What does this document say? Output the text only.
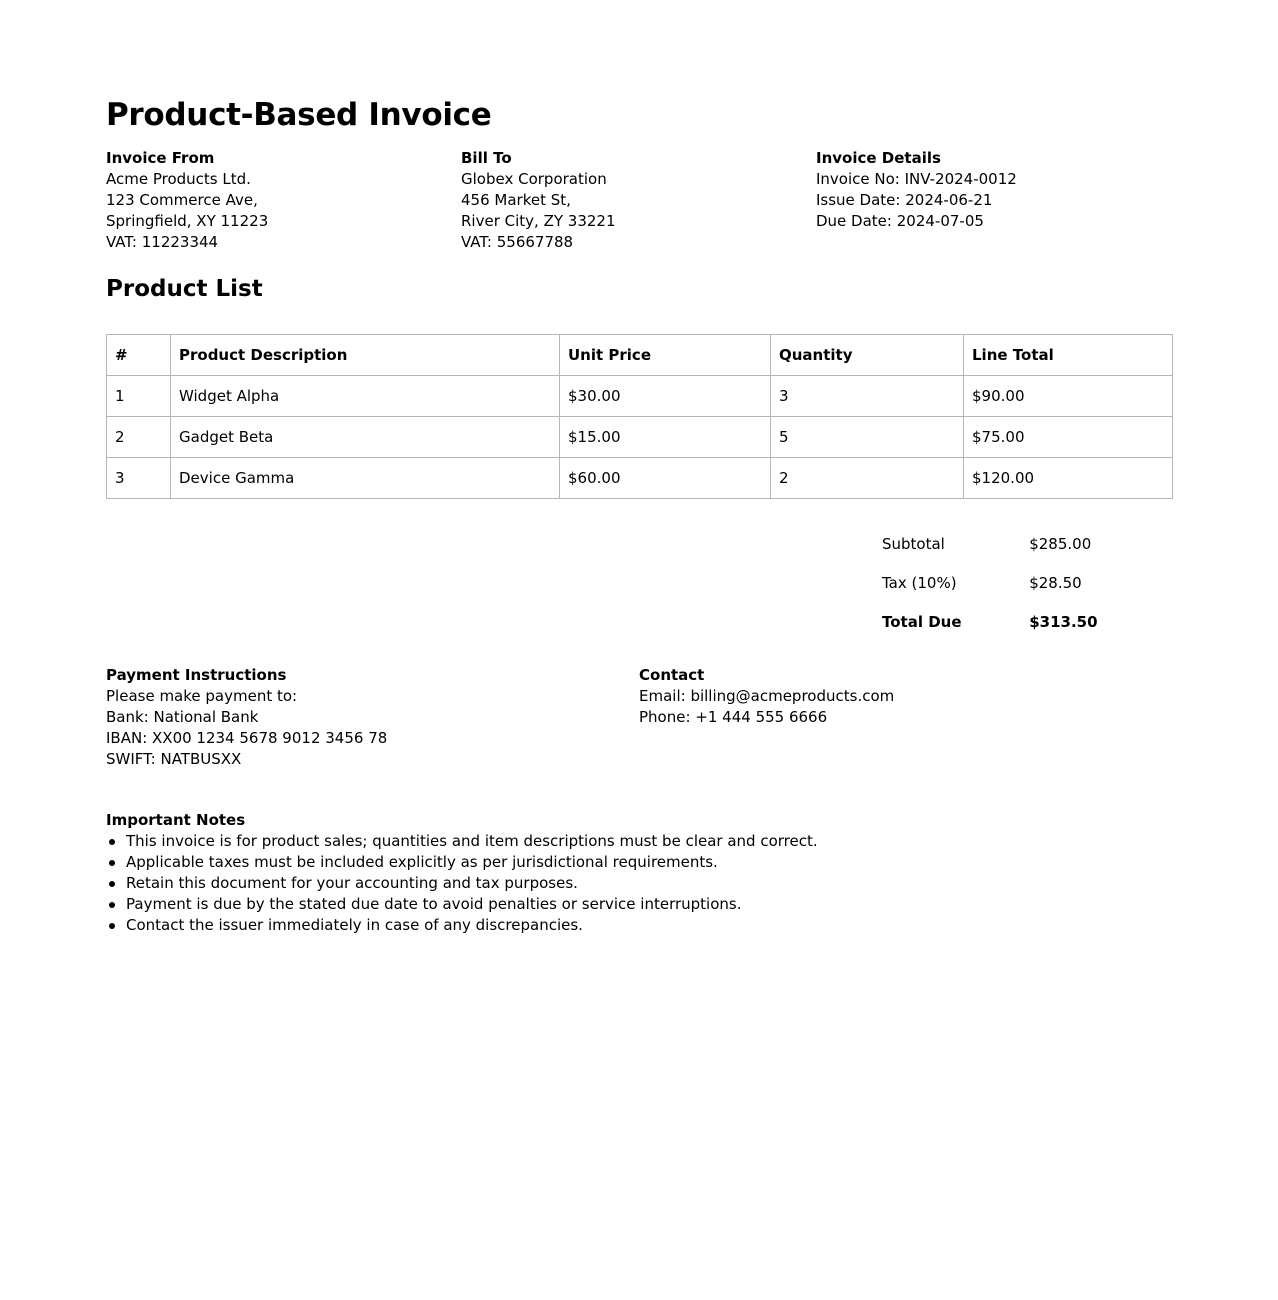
Product-Based Invoice
Invoice From
Acme Products Ltd.
123 Commerce Ave,
Springfield, XY 11223
VAT: 11223344
Bill To
Globex Corporation
456 Market St,
River City, ZY 33221
VAT: 55667788
Invoice Details
Invoice No: INV-2024-0012
Issue Date: 2024-06-21
Due Date: 2024-07-05
Product List
#	Product Description	Unit Price	Quantity	Line Total
1	Widget Alpha	$30.00	3	$90.00
2	Gadget Beta	$15.00	5	$75.00
3	Device Gamma	$60.00	2	$120.00
Subtotal	$285.00
Tax (10%)	$28.50
Total Due	$313.50
Payment Instructions
Please make payment to:
Bank: National Bank
IBAN: XX00 1234 5678 9012 3456 78
SWIFT: NATBUSXX
Contact
Email: billing@acmeproducts.com
Phone: +1 444 555 6666
Important Notes
This invoice is for product sales; quantities and item descriptions must be clear and correct.
Applicable taxes must be included explicitly as per jurisdictional requirements.
Retain this document for your accounting and tax purposes.
Payment is due by the stated due date to avoid penalties or service interruptions.
Contact the issuer immediately in case of any discrepancies.
